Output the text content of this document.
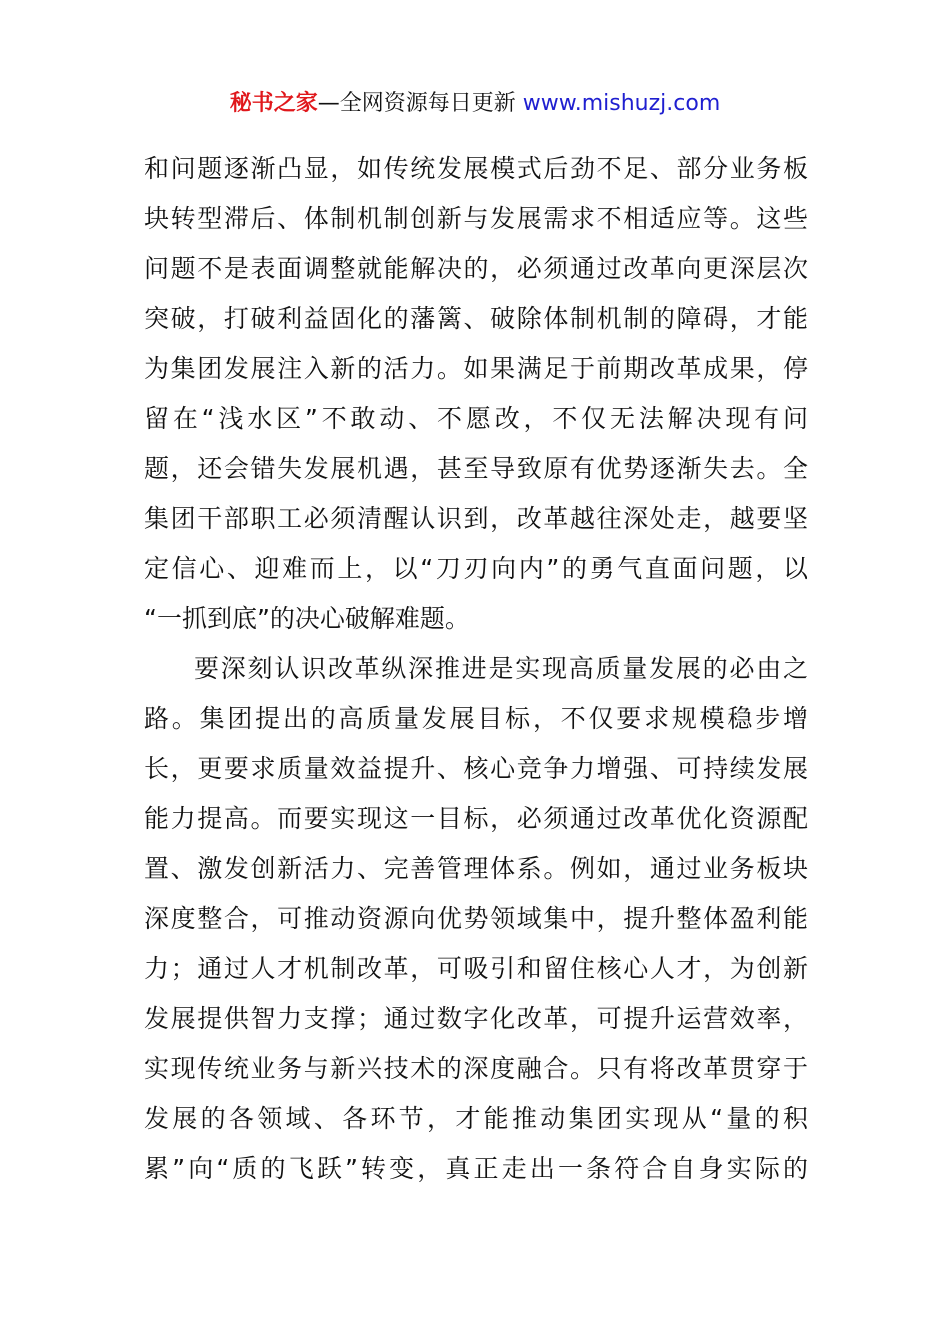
秘书之家—全网资源每日更新 www.mishuzj.com
和问题逐渐凸显，如传统发展模式后劲不足、部分业务板
块转型滞后、体制机制创新与发展需求不相适应等。这些
问题不是表面调整就能解决的，必须通过改革向更深层次
突破，打破利益固化的藩篱、破除体制机制的障碍，才能
为集团发展注入新的活力。如果满足于前期改革成果，停
留在“浅水区”不敢动、不愿改，不仅无法解决现有问
题，还会错失发展机遇，甚至导致原有优势逐渐失去。全
集团干部职工必须清醒认识到，改革越往深处走，越要坚
定信心、迎难而上，以“刀刃向内”的勇气直面问题，以
“一抓到底”的决心破解难题。
要深刻认识改革纵深推进是实现高质量发展的必由之
路。集团提出的高质量发展目标，不仅要求规模稳步增
长，更要求质量效益提升、核心竞争力增强、可持续发展
能力提高。而要实现这一目标，必须通过改革优化资源配
置、激发创新活力、完善管理体系。例如，通过业务板块
深度整合，可推动资源向优势领域集中，提升整体盈利能
力；通过人才机制改革，可吸引和留住核心人才，为创新
发展提供智力支撑；通过数字化改革，可提升运营效率，
实现传统业务与新兴技术的深度融合。只有将改革贯穿于
发展的各领域、各环节，才能推动集团实现从“量的积
累”向“质的飞跃”转变，真正走出一条符合自身实际的
